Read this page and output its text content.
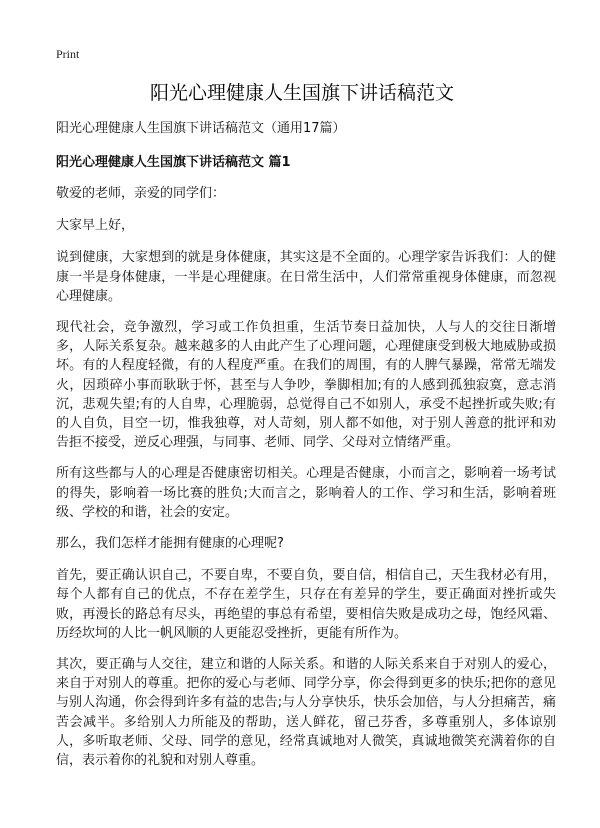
Print
阳光心理健康人生国旗下讲话稿范文

阳光心理健康人生国旗下讲话稿范文（通用17篇）

阳光心理健康人生国旗下讲话稿范文 篇1

敬爱的老师，亲爱的同学们：

大家早上好，

说到健康，大家想到的就是身体健康，其实这是不全面的。心理学家告诉我们：人的健康一半是身体健康，一半是心理健康。在日常生活中，人们常常重视身体健康，而忽视心理健康。

现代社会，竞争激烈，学习或工作负担重，生活节奏日益加快，人与人的交往日渐增多，人际关系复杂。越来越多的人由此产生了心理问题，心理健康受到极大地威胁或损坏。有的人程度轻微，有的人程度严重。在我们的周围，有的人脾气暴躁，常常无端发火，因琐碎小事而耿耿于怀，甚至与人争吵，拳脚相加;有的人感到孤独寂寞，意志消沉，悲观失望;有的人自卑，心理脆弱，总觉得自己不如别人，承受不起挫折或失败;有的人自负，目空一切，惟我独尊，对人苛刻，别人都不如他，对于别人善意的批评和劝告拒不接受，逆反心理强，与同事、老师、同学、父母对立情绪严重。

所有这些都与人的心理是否健康密切相关。心理是否健康，小而言之，影响着一场考试的得失，影响着一场比赛的胜负;大而言之，影响着人的工作、学习和生活，影响着班级、学校的和谐，社会的安定。

那么，我们怎样才能拥有健康的心理呢?

首先，要正确认识自己，不要自卑，不要自负，要自信，相信自己，天生我材必有用，每个人都有自己的优点，不存在差学生，只存在有差异的学生，要正确面对挫折或失败，再漫长的路总有尽头，再绝望的事总有希望，要相信失败是成功之母，饱经风霜、历经坎坷的人比一帆风顺的人更能忍受挫折，更能有所作为。

其次，要正确与人交往，建立和谐的人际关系。和谐的人际关系来自于对别人的爱心，来自于对别人的尊重。把你的爱心与老师、同学分享，你会得到更多的快乐;把你的意见与别人沟通，你会得到许多有益的忠告;与人分享快乐，快乐会加倍，与人分担痛苦，痛苦会减半。多给别人力所能及的帮助，送人鲜花，留己芬香，多尊重别人，多体谅别人，多听取老师、父母、同学的意见，经常真诚地对人微笑，真诚地微笑充满着你的自信，表示着你的礼貌和对别人尊重。
